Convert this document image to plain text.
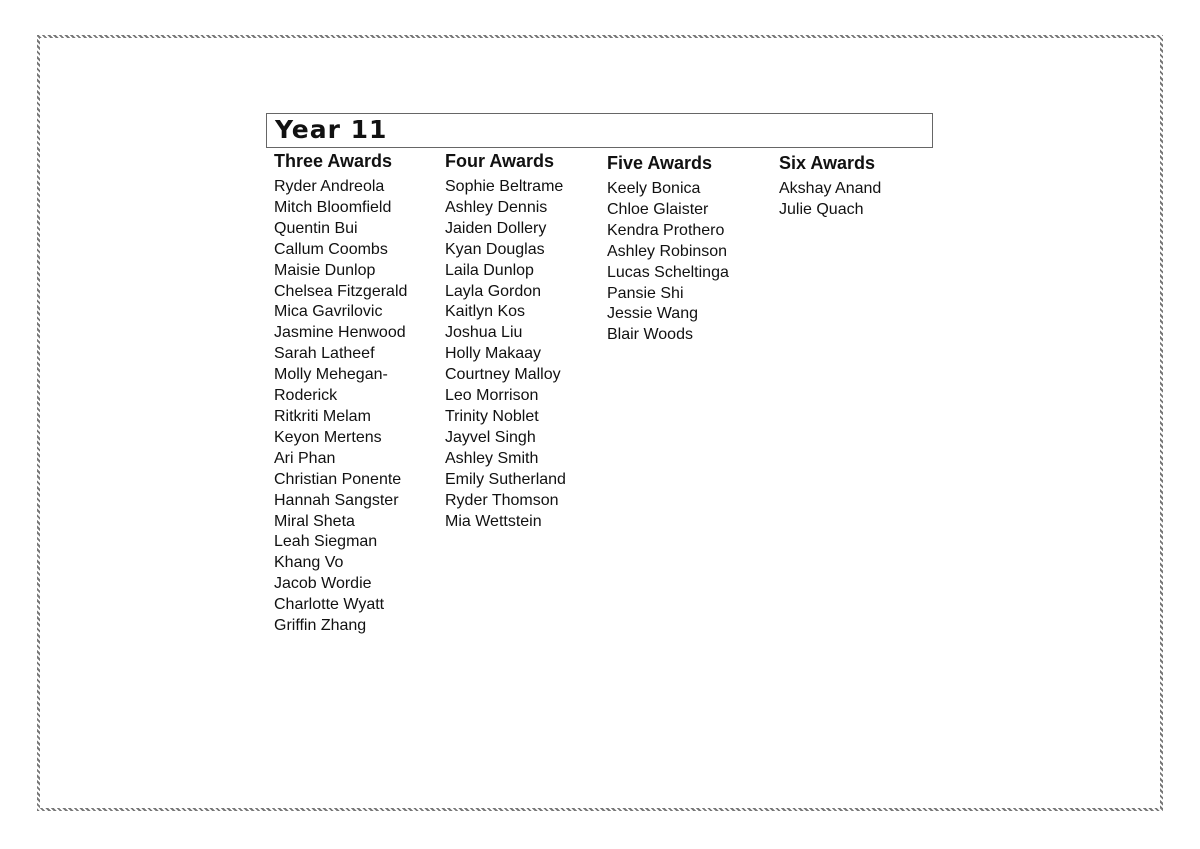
Year 11
Three Awards
Ryder Andreola
Mitch Bloomfield
Quentin Bui
Callum Coombs
Maisie Dunlop
Chelsea Fitzgerald
Mica Gavrilovic
Jasmine Henwood
Sarah Latheef
Molly Mehegan-
Roderick
Ritkriti Melam
Keyon Mertens
Ari Phan
Christian Ponente
Hannah Sangster
Miral Sheta
Leah Siegman
Khang Vo
Jacob Wordie
Charlotte Wyatt
Griffin Zhang
Four Awards
Sophie Beltrame
Ashley Dennis
Jaiden Dollery
Kyan Douglas
Laila Dunlop
Layla Gordon
Kaitlyn Kos
Joshua Liu
Holly Makaay
Courtney Malloy
Leo Morrison
Trinity Noblet
Jayvel Singh
Ashley Smith
Emily Sutherland
Ryder Thomson
Mia Wettstein
Five Awards
Keely Bonica
Chloe Glaister
Kendra Prothero
Ashley Robinson
Lucas Scheltinga
Pansie Shi
Jessie Wang
Blair Woods
Six Awards
Akshay Anand
Julie Quach
